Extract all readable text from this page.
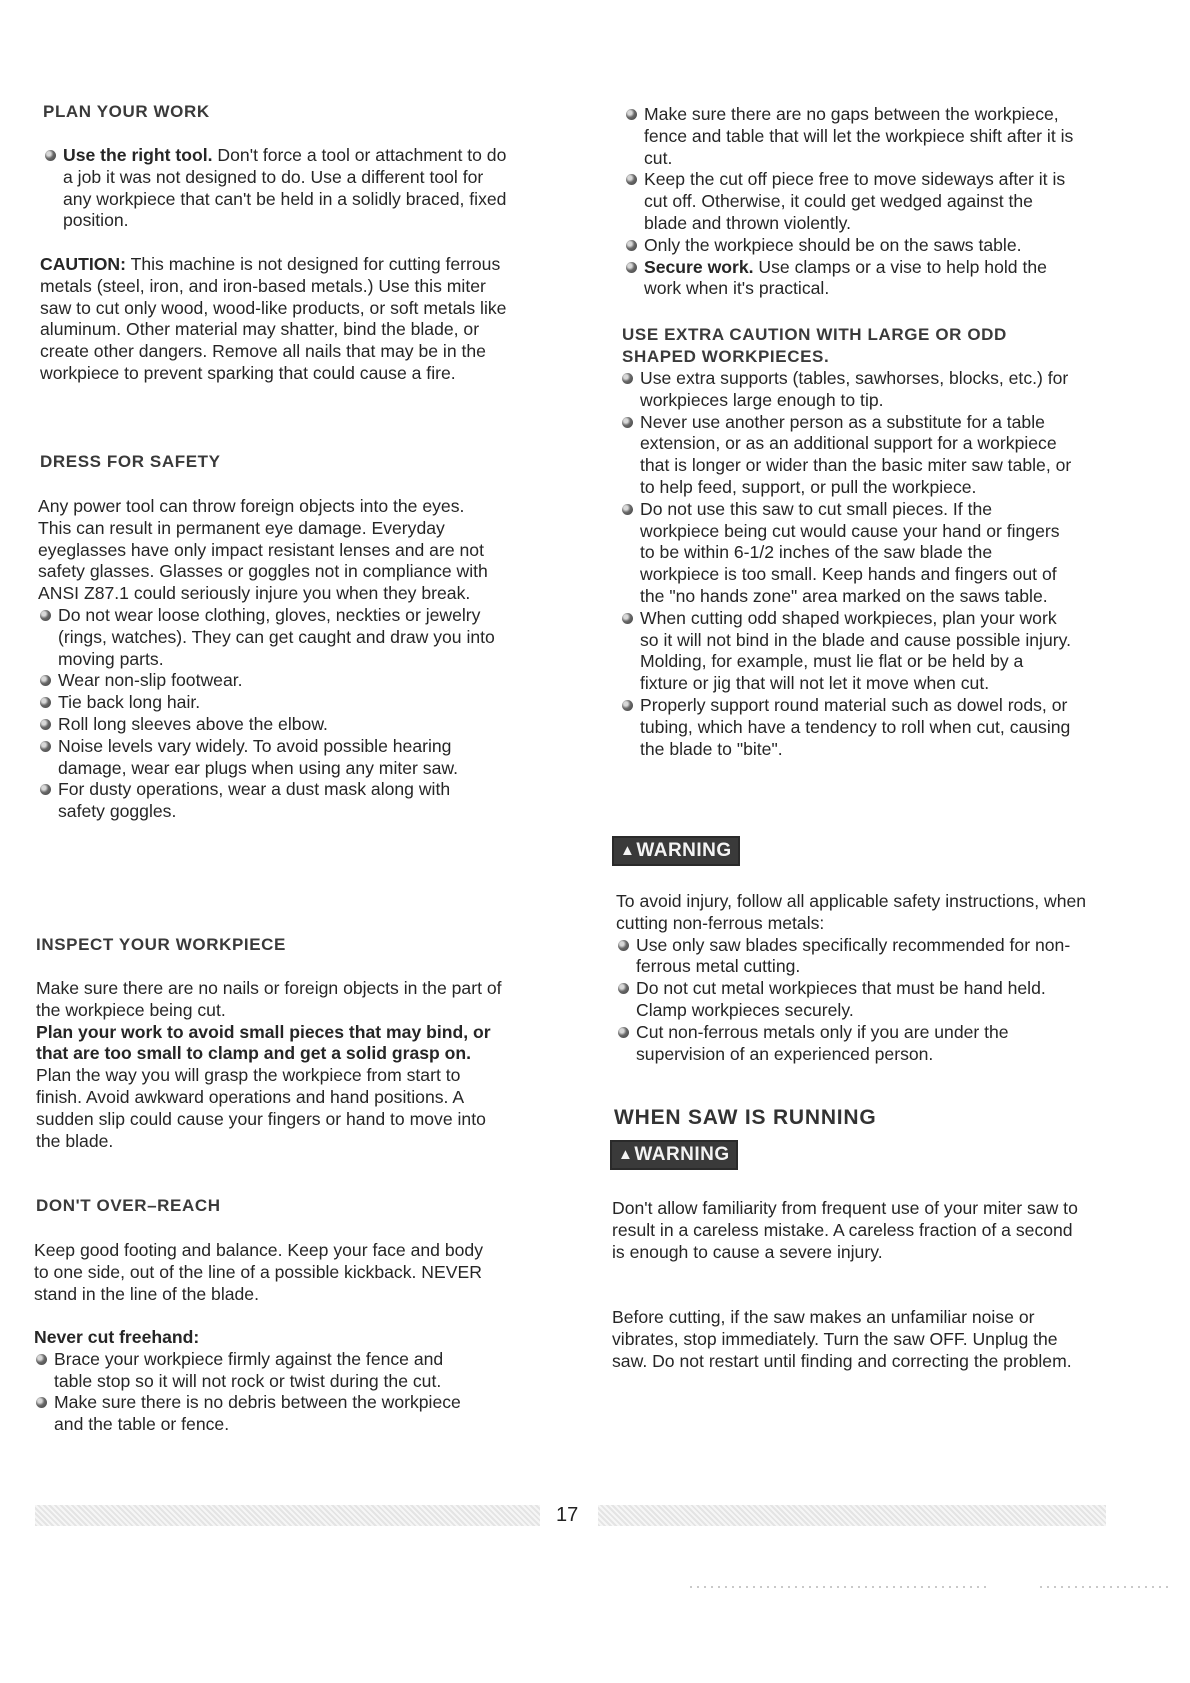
PLAN YOUR WORK
Use the right tool. Don't force a tool or attachment to do a job it was not designed to do. Use a different tool for any workpiece that can't be held in a solidly braced, fixed position.
CAUTION: This machine is not designed for cutting ferrous metals (steel, iron, and iron-based metals.) Use this miter saw to cut only wood, wood-like products, or soft metals like aluminum. Other material may shatter, bind the blade, or create other dangers. Remove all nails that may be in the workpiece to prevent sparking that could cause a fire.
DRESS FOR SAFETY

Any power tool can throw foreign objects into the eyes. This can result in permanent eye damage. Everyday eyeglasses have only impact resistant lenses and are not safety glasses. Glasses or goggles not in compliance with ANSI Z87.1 could seriously injure you when they break.

Do not wear loose clothing, gloves, neckties or jewelry (rings, watches). They can get caught and draw you into moving parts.
Wear non-slip footwear.
Tie back long hair.
Roll long sleeves above the elbow.
Noise levels vary widely. To avoid possible hearing damage, wear ear plugs when using any miter saw.
For dusty operations, wear a dust mask along with safety goggles.
INSPECT YOUR WORKPIECE

Make sure there are no nails or foreign objects in the part of the workpiece being cut.

Plan your work to avoid small pieces that may bind, or that are too small to clamp and get a solid grasp on.

Plan the way you will grasp the workpiece from start to finish. Avoid awkward operations and hand positions. A sudden slip could cause your fingers or hand to move into the blade.

DON'T OVER–REACH
Keep good footing and balance. Keep your face and body to one side, out of the line of a possible kickback. NEVER stand in the line of the blade.

Never cut freehand:

Brace your workpiece firmly against the fence and table stop so it will not rock or twist during the cut.
Make sure there is no debris between the workpiece and the table or fence.
Make sure there are no gaps between the workpiece, fence and table that will let the workpiece shift after it is cut.
Keep the cut off piece free to move sideways after it is cut off. Otherwise, it could get wedged against the blade and thrown violently.
Only the workpiece should be on the saws table.
Secure work. Use clamps or a vise to help hold the work when it's practical.
USE EXTRA CAUTION WITH LARGE OR ODD SHAPED WORKPIECES.
Use extra supports (tables, sawhorses, blocks, etc.) for workpieces large enough to tip.
Never use another person as a substitute for a table extension, or as an additional support for a workpiece that is longer or wider than the basic miter saw table, or to help feed, support, or pull the workpiece.
Do not use this saw to cut small pieces. If the workpiece being cut would cause your hand or fingers to be within 6-1/2 inches of the saw blade the workpiece is too small. Keep hands and fingers out of the "no hands zone" area marked on the saws table.
When cutting odd shaped workpieces, plan your work so it will not bind in the blade and cause possible injury. Molding, for example, must lie flat or be held by a fixture or jig that will not let it move when cut.
Properly support round material such as dowel rods, or tubing, which have a tendency to roll when cut, causing the blade to "bite".
▲WARNING

To avoid injury, follow all applicable safety instructions, when cutting non-ferrous metals:

Use only saw blades specifically recommended for non-ferrous metal cutting.
Do not cut metal workpieces that must be hand held. Clamp workpieces securely.
Cut non-ferrous metals only if you are under the supervision of an experienced person.
WHEN SAW IS RUNNING
▲WARNING
Don't allow familiarity from frequent use of your miter saw to result in a careless mistake. A careless fraction of a second is enough to cause a severe injury.
Before cutting, if the saw makes an unfamiliar noise or vibrates, stop immediately. Turn the saw OFF. Unplug the saw. Do not restart until finding and correcting the problem.
17
